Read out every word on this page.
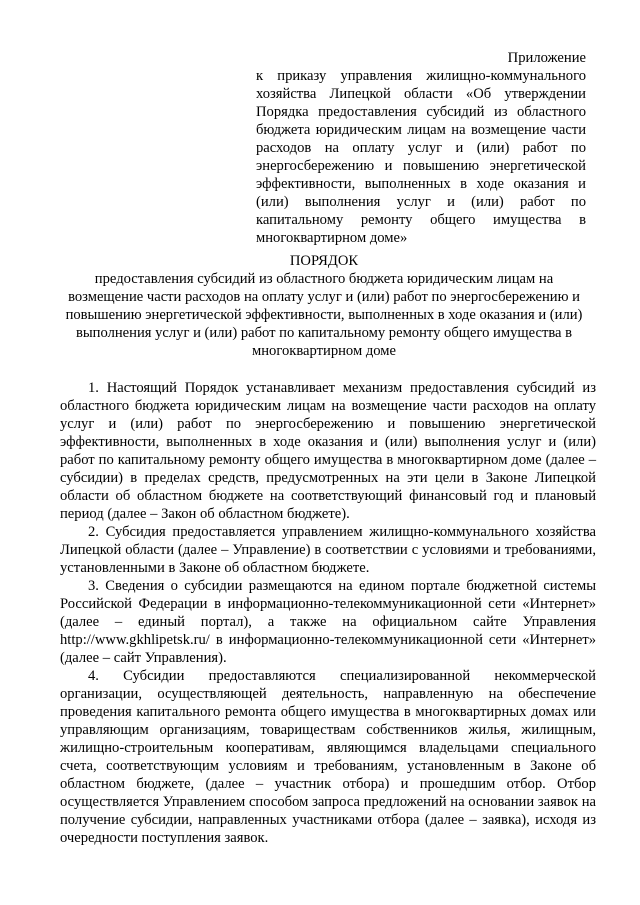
Приложение
к приказу управления жилищно-коммунального хозяйства Липецкой области «Об утверждении Порядка предоставления субсидий из областного бюджета юридическим лицам на возмещение части расходов на оплату услуг и (или) работ по энергосбережению и повышению энергетической эффективности, выполненных в ходе оказания и (или) выполнения услуг и (или) работ по капитальному ремонту общего имущества в многоквартирном доме»
ПОРЯДОК
предоставления субсидий из областного бюджета юридическим лицам на возмещение части расходов на оплату услуг и (или) работ по энергосбережению и повышению энергетической эффективности, выполненных в ходе оказания и (или) выполнения услуг и (или) работ по капитальному ремонту общего имущества в многоквартирном доме

1. Настоящий Порядок устанавливает механизм предоставления субсидий из областного бюджета юридическим лицам на возмещение части расходов на оплату услуг и (или) работ по энергосбережению и повышению энергетической эффективности, выполненных в ходе оказания и (или) выполнения услуг и (или) работ по капитальному ремонту общего имущества в многоквартирном доме (далее – субсидии) в пределах средств, предусмотренных на эти цели в Законе Липецкой области об областном бюджете на соответствующий финансовый год и плановый период (далее – Закон об областном бюджете).

2. Субсидия предоставляется управлением жилищно-коммунального хозяйства Липецкой области (далее – Управление) в соответствии с условиями и требованиями, установленными в Законе об областном бюджете.

3. Сведения о субсидии размещаются на едином портале бюджетной системы Российской Федерации в информационно-телекоммуникационной сети «Интернет» (далее – единый портал), а также на официальном сайте Управления http://www.gkhlipetsk.ru/ в информационно-телекоммуникационной сети «Интернет» (далее – сайт Управления).

4. Субсидии предоставляются специализированной некоммерческой организации, осуществляющей деятельность, направленную на обеспечение проведения капитального ремонта общего имущества в многоквартирных домах или управляющим организациям, товариществам собственников жилья, жилищным, жилищно-строительным кооперативам, являющимся владельцами специального счета, соответствующим условиям и требованиям, установленным в Законе об областном бюджете, (далее – участник отбора) и прошедшим отбор. Отбор осуществляется Управлением способом запроса предложений на основании заявок на получение субсидии, направленных участниками отбора (далее – заявка), исходя из очередности поступления заявок.
